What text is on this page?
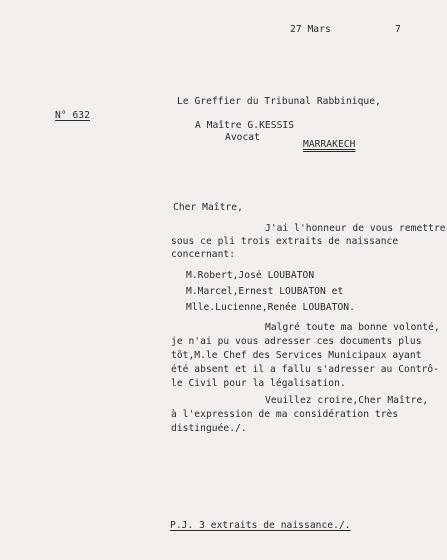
27 Mars	7
Le Greffier du Tribunal Rabbinique,
N° 632
A Maître G.KESSIS
Avocat
MARRAKECH
Cher Maître,
J'ai l'honneur de vous remettre
sous ce pli trois extraits de naissance
concernant:
M.Robert,José LOUBATON
M.Marcel,Ernest LOUBATON et
Mlle.Lucienne,Renée LOUBATON.
Malgré toute ma bonne volonté,
je n'ai pu vous adresser ces documents plus
tôt,M.le Chef des Services Municipaux ayant
été absent et il a fallu s'adresser au Contrô-
le Civil pour la légalisation.
Veuillez croire,Cher Maître,
à l'expression de ma considération très
distinguée./.
P.J. 3 extraits de naissance./.
